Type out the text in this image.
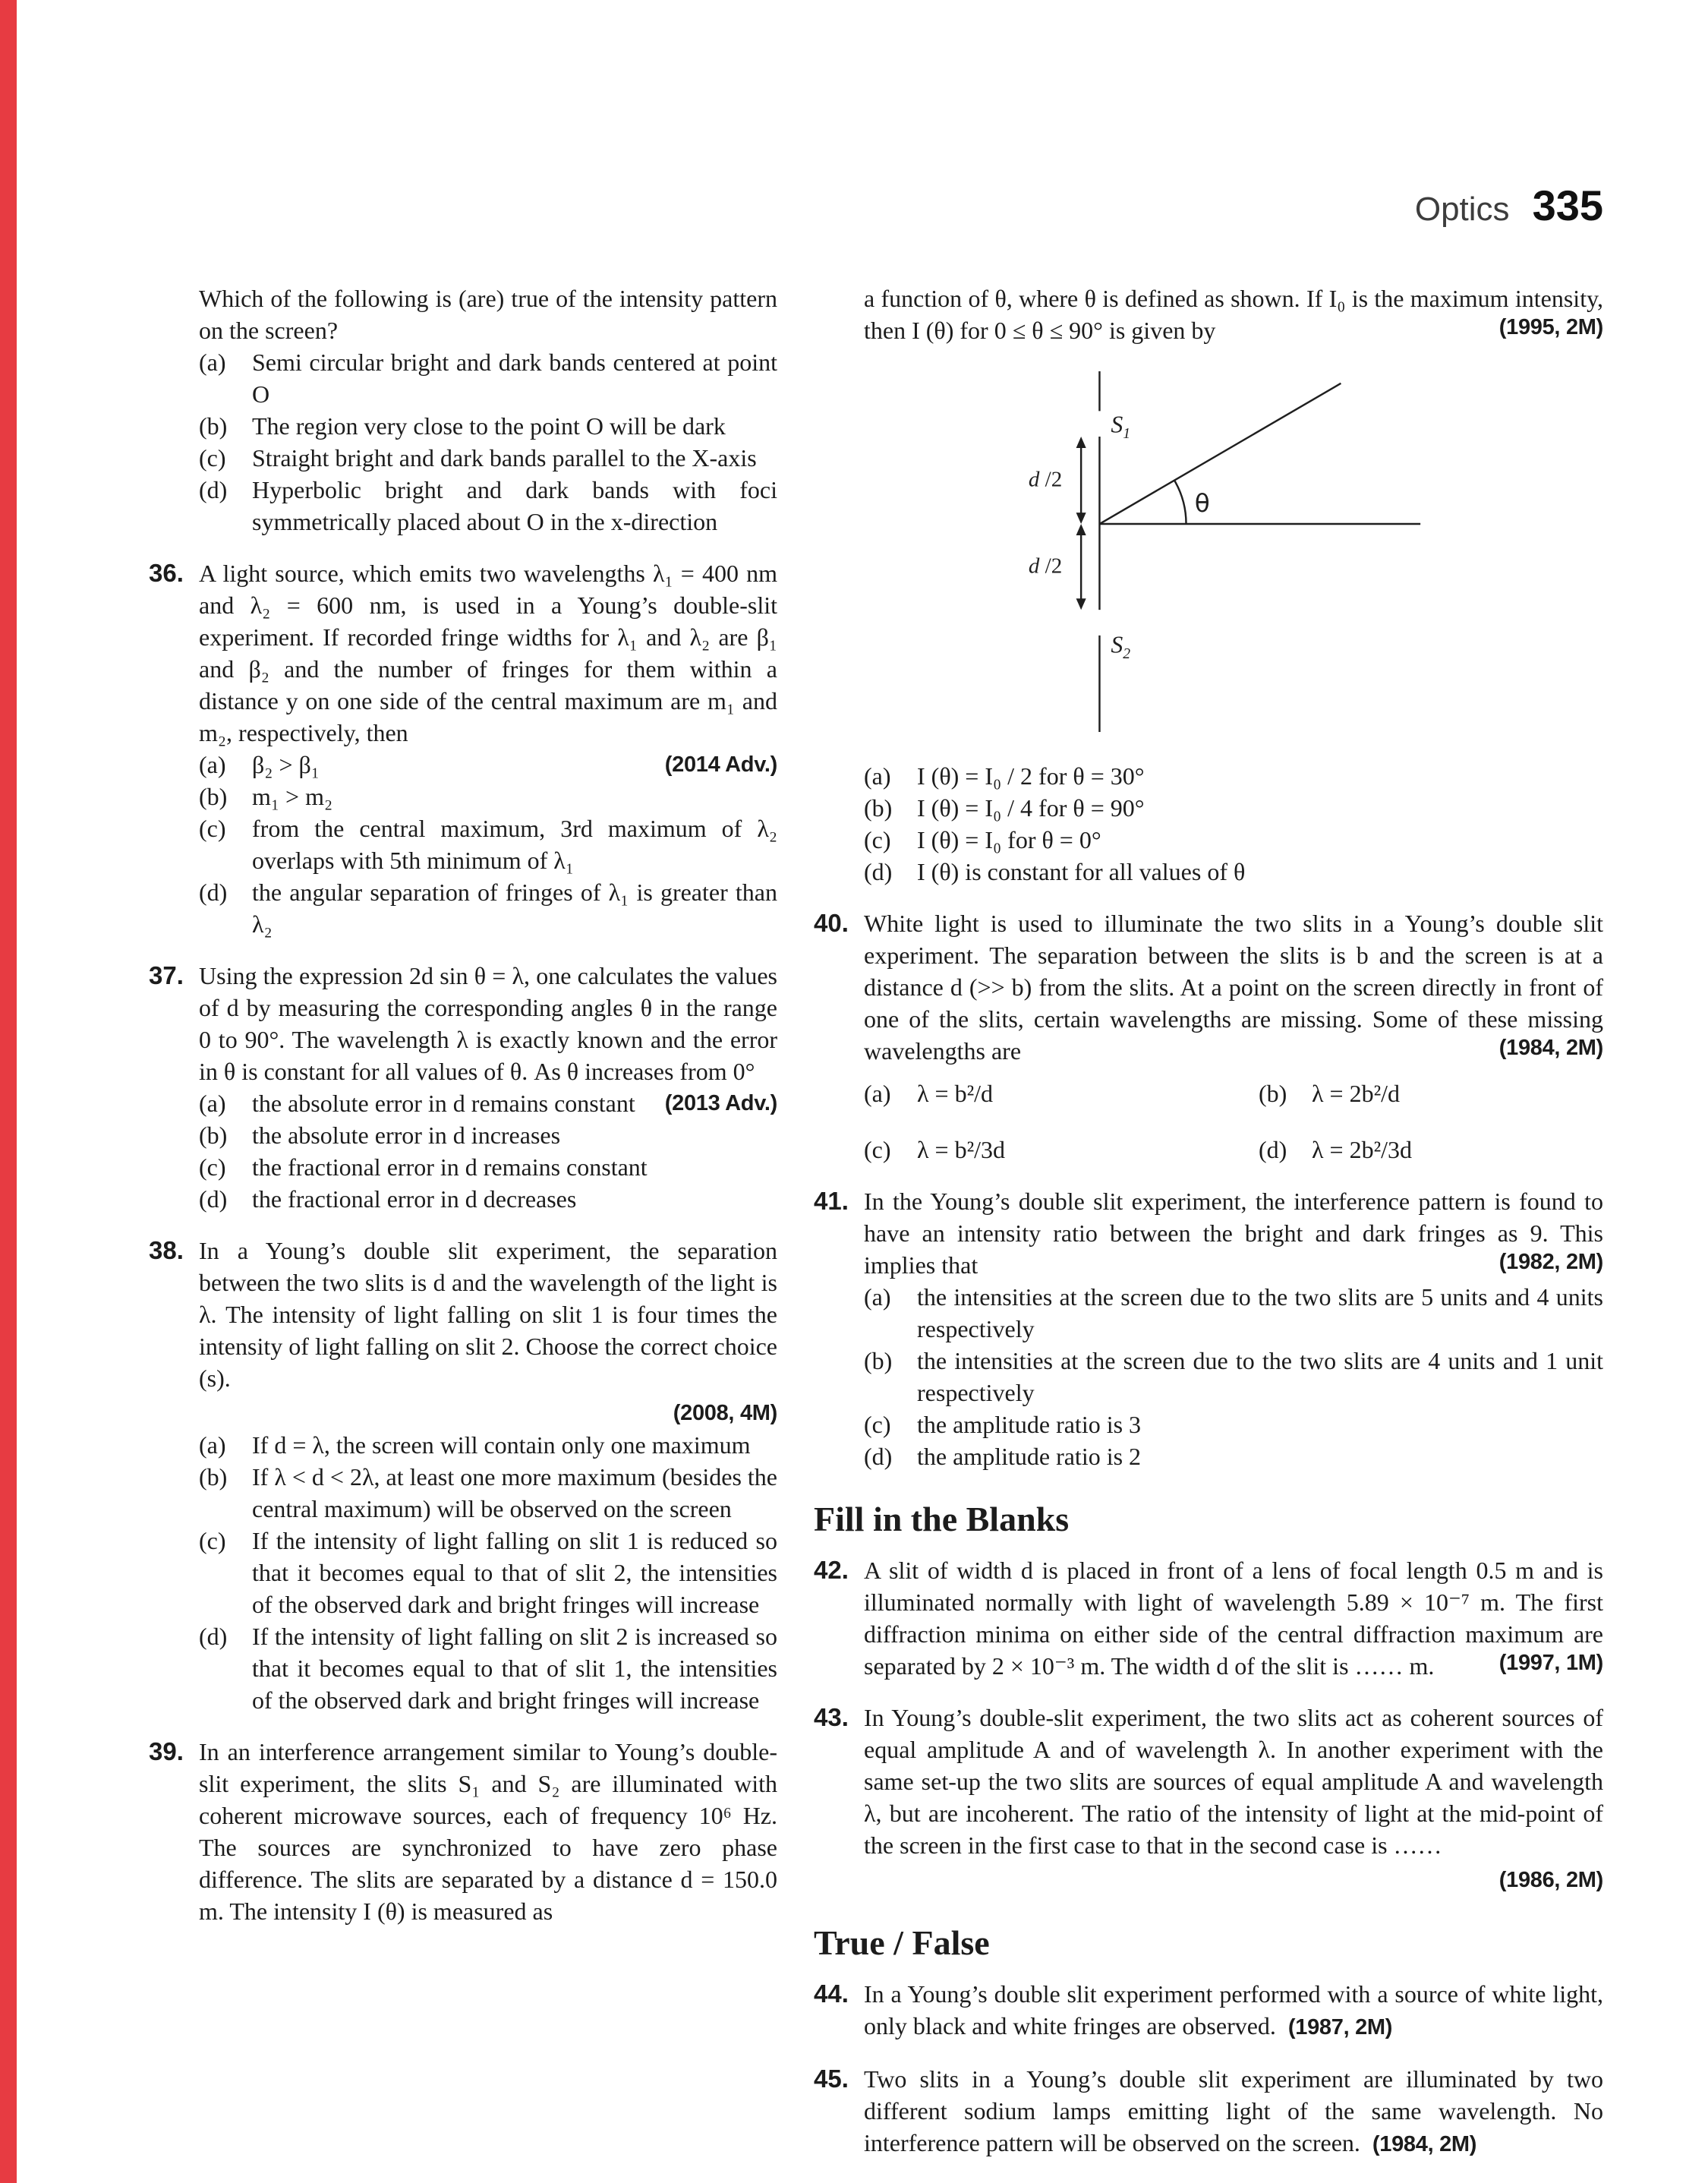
Optics 335

Which of the following is (are) true of the intensity pattern on the screen?

(a)	Semi circular bright and dark bands centered at point O
(b)	The region very close to the point O will be dark
(c)	Straight bright and dark bands parallel to the X-axis
(d)	Hyperbolic bright and dark bands with foci symmetrically placed about O in the x-direction
36. A light source, which emits two wavelengths λ₁ = 400 nm and λ₂ = 600 nm, is used in a Young’s double-slit experiment. If recorded fringe widths for λ₁ and λ₂ are β₁ and β₂ and the number of fringes for them within a distance y on one side of the central maximum are m₁ and m₂, respectively, then

(a)	β₂ > β₁	(2014 Adv.)
(b)	m₁ > m₂
(c)	from the central maximum, 3rd maximum of λ₂ overlaps with 5th minimum of λ₁
(d)	the angular separation of fringes of λ₁ is greater than λ₂
37. Using the expression 2d sin θ = λ, one calculates the values of d by measuring the corresponding angles θ in the range 0 to 90°. The wavelength λ is exactly known and the error in θ is constant for all values of θ. As θ increases from 0°

(a)	the absolute error in d remains constant	(2013 Adv.)
(b)	the absolute error in d increases
(c)	the fractional error in d remains constant
(d)	the fractional error in d decreases
38. In a Young’s double slit experiment, the separation between the two slits is d and the wavelength of the light is λ. The intensity of light falling on slit 1 is four times the intensity of light falling on slit 2. Choose the correct choice (s).

(2008, 4M)
(a)	If d = λ, the screen will contain only one maximum
(b)	If λ < d < 2λ, at least one more maximum (besides the central maximum) will be observed on the screen
(c)	If the intensity of light falling on slit 1 is reduced so that it becomes equal to that of slit 2, the intensities of the observed dark and bright fringes will increase
(d)	If the intensity of light falling on slit 2 is increased so that it becomes equal to that of slit 1, the intensities of the observed dark and bright fringes will increase
39. In an interference arrangement similar to Young’s double-slit experiment, the slits S₁ and S₂ are illuminated with coherent microwave sources, each of frequency 10⁶ Hz. The sources are synchronized to have zero phase difference. The slits are separated by a distance d = 150.0 m. The intensity I (θ) is measured as

a function of θ, where θ is defined as shown. If I₀ is the maximum intensity, then I (θ) for 0 ≤ θ ≤ 90° is given by	(1995, 2M)

$S_1$
$S_2$
d /2
d /2
θ
(a)	I (θ) = I₀ / 2 for θ = 30°
(b)	I (θ) = I₀ / 4 for θ = 90°
(c)	I (θ) = I₀ for θ = 0°
(d)	I (θ) is constant for all values of θ
40. White light is used to illuminate the two slits in a Young’s double slit experiment. The separation between the slits is b and the screen is at a distance d (>> b) from the slits. At a point on the screen directly in front of one of the slits, certain wavelengths are missing. Some of these missing wavelengths are	(1984, 2M)

(a)	λ = b²/d	(b)	λ = 2b²/d
(c)	λ = b²/3d	(d)	λ = 2b²/3d
41. In the Young’s double slit experiment, the interference pattern is found to have an intensity ratio between the bright and dark fringes as 9. This implies that	(1982, 2M)

(a)	the intensities at the screen due to the two slits are 5 units and 4 units respectively
(b)	the intensities at the screen due to the two slits are 4 units and 1 unit respectively
(c)	the amplitude ratio is 3
(d)	the amplitude ratio is 2
Fill in the Blanks
42. A slit of width d is placed in front of a lens of focal length 0.5 m and is illuminated normally with light of wavelength 5.89 × 10⁻⁷ m. The first diffraction minima on either side of the central diffraction maximum are separated by 2 × 10⁻³ m. The width d of the slit is …… m.	(1997, 1M)

43. In Young’s double-slit experiment, the two slits act as coherent sources of equal amplitude A and of wavelength λ. In another experiment with the same set-up the two slits are sources of equal amplitude A and wavelength λ, but are incoherent. The ratio of the intensity of light at the mid-point of the screen in the first case to that in the second case is ……

(1986, 2M)
True / False
44. In a Young’s double slit experiment performed with a source of white light, only black and white fringes are observed. (1987, 2M)

45. Two slits in a Young’s double slit experiment are illuminated by two different sodium lamps emitting light of the same wavelength. No interference pattern will be observed on the screen. (1984, 2M)
